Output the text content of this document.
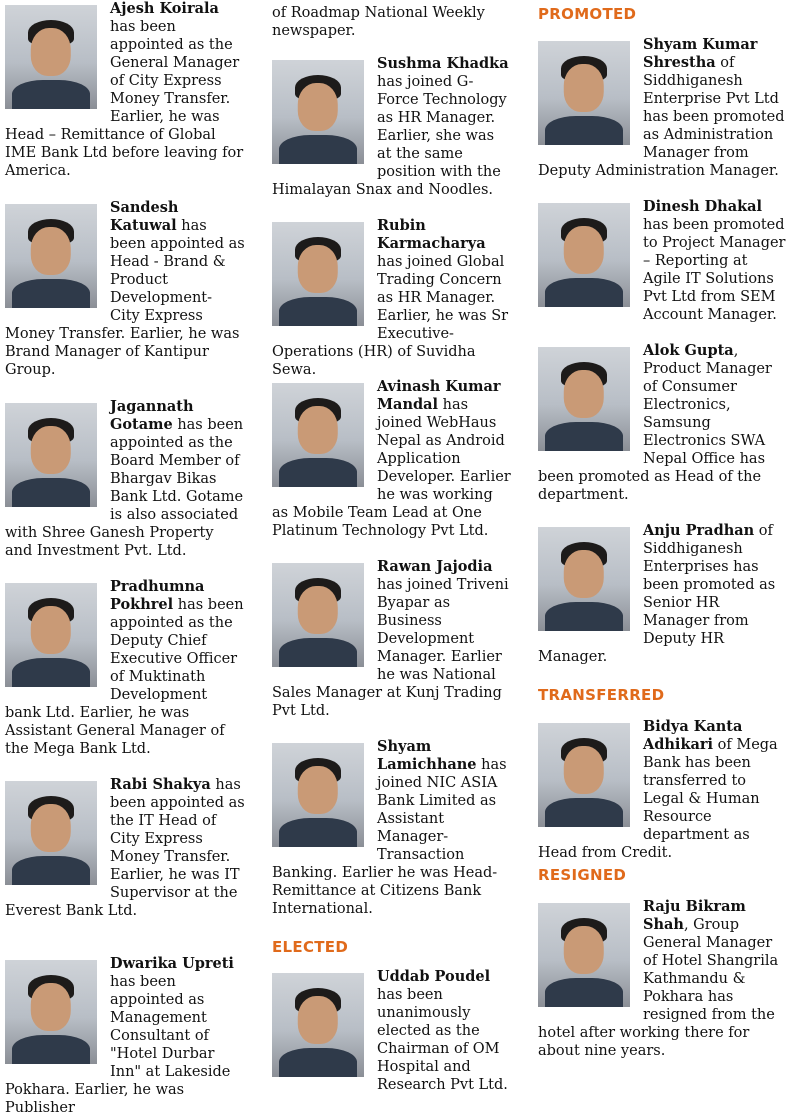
Ajesh Koirala has been appointed as the General Manager of City Express Money Transfer. Earlier, he was Head – Remittance of Global IME Bank Ltd before leaving for America.

Sandesh Katuwal has been appointed as Head - Brand & Product Development- City Express Money Transfer. Earlier, he was Brand Manager of Kantipur Group.

Jagannath Gotame has been appointed as the Board Member of Bhargav Bikas Bank Ltd. Gotame is also associated with Shree Ganesh Property and Investment Pvt. Ltd.

Pradhumna Pokhrel has been appointed as the Deputy Chief Executive Officer of Muktinath Development bank Ltd. Earlier, he was Assistant General Manager of the Mega Bank Ltd.

Rabi Shakya has been appointed as the IT Head of City Express Money Transfer. Earlier, he was IT Supervisor at the Everest Bank Ltd.

Dwarika Upreti has been appointed as Management Consultant of "Hotel Durbar Inn" at Lakeside Pokhara. Earlier, he was Publisher

of Roadmap National Weekly newspaper.

Sushma Khadka has joined G-Force Technology as HR Manager. Earlier, she was at the same position with the Himalayan Snax and Noodles.

Rubin Karmacharya has joined Global Trading Concern as HR Manager. Earlier, he was Sr Executive- Operations (HR) of Suvidha Sewa.

Avinash Kumar Mandal has joined WebHaus Nepal as Android Application Developer. Earlier he was working as Mobile Team Lead at One Platinum Technology Pvt Ltd.

Rawan Jajodia has joined Triveni Byapar as Business Development Manager. Earlier he was National Sales Manager at Kunj Trading Pvt Ltd.

Shyam Lamichhane has joined NIC ASIA Bank Limited as Assistant Manager- Transaction Banking. Earlier he was Head- Remittance at Citizens Bank International.

ELECTED

Uddab Poudel has been unanimously elected as the Chairman of OM Hospital and Research Pvt Ltd.

PROMOTED

Shyam Kumar Shrestha of Siddhiganesh Enterprise Pvt Ltd has been promoted as Administration Manager from Deputy Administration Manager.

Dinesh Dhakal has been promoted to Project Manager – Reporting at Agile IT Solutions Pvt Ltd from SEM Account Manager.

Alok Gupta, Product Manager of Consumer Electronics, Samsung Electronics SWA Nepal Office has been promoted as Head of the department.

Anju Pradhan of Siddhiganesh Enterprises has been promoted as Senior HR Manager from Deputy HR Manager.

TRANSFERRED

Bidya Kanta Adhikari of Mega Bank has been transferred to Legal & Human Resource department as Head from Credit.

RESIGNED

Raju Bikram Shah, Group General Manager of Hotel Shangrila Kathmandu & Pokhara has resigned from the hotel after working there for about nine years.
